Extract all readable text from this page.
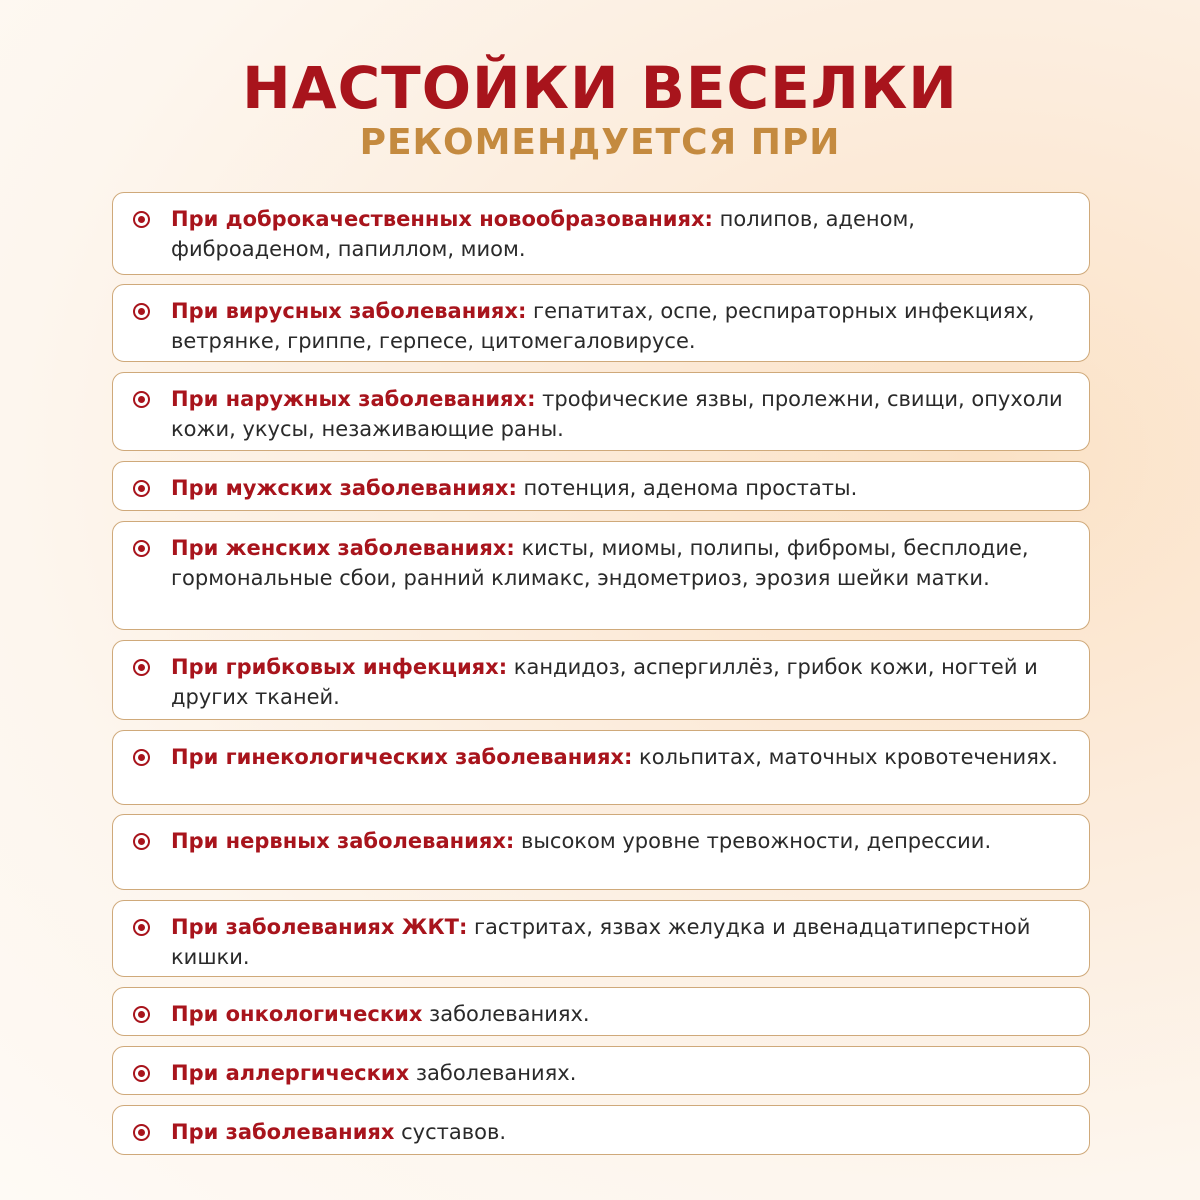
НАСТОЙКИ ВЕСЕЛКИ
РЕКОМЕНДУЕТСЯ ПРИ
При доброкачественных новообразованиях: полипов, аденом, фиброаденом, папиллом, миом.
При вирусных заболеваниях: гепатитах, оспе, респираторных инфекциях, ветрянке, гриппе, герпесе, цитомегаловирусе.
При наружных заболеваниях: трофические язвы, пролежни, свищи, опухоли кожи, укусы, незаживающие раны.
При мужских заболеваниях: потенция, аденома простаты.
При женских заболеваниях: кисты, миомы, полипы, фибромы, бесплодие, гормональные сбои, ранний климакс, эндометриоз, эрозия шейки матки.
При грибковых инфекциях: кандидоз, аспергиллёз, грибок кожи, ногтей и других тканей.
При гинекологических заболеваниях: кольпитах, маточных кровотечениях.
При нервных заболеваниях: высоком уровне тревожности, депрессии.
При заболеваниях ЖКТ: гастритах, язвах желудка и двенадцатиперстной кишки.
При онкологических заболеваниях.
При аллергических заболеваниях.
При заболеваниях суставов.
